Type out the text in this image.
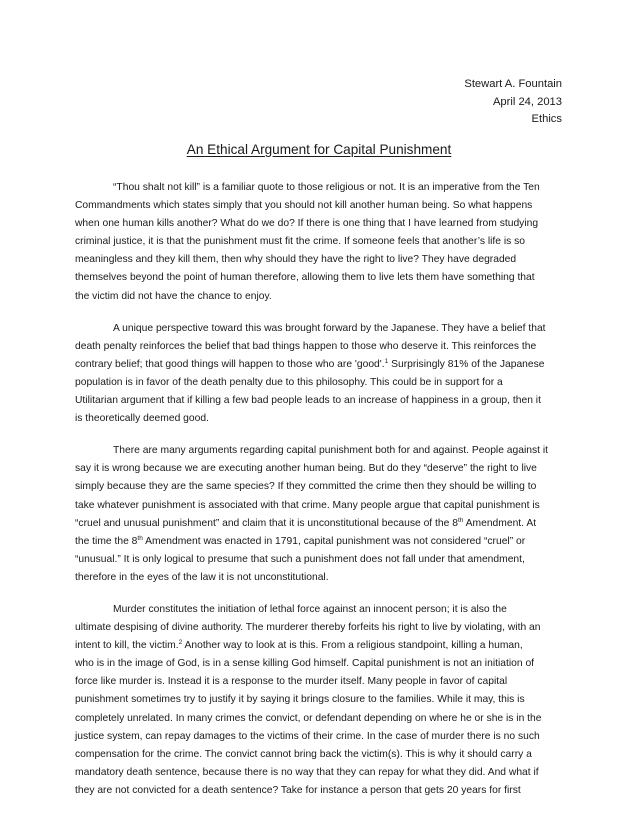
Stewart A. Fountain
April 24, 2013
Ethics
An Ethical Argument for Capital Punishment

“Thou shalt not kill” is a familiar quote to those religious or not. It is an imperative from the Ten
Commandments which states simply that you should not kill another human being. So what happens
when one human kills another? What do we do? If there is one thing that I have learned from studying
criminal justice, it is that the punishment must fit the crime. If someone feels that another’s life is so
meaningless and they kill them, then why should they have the right to live? They have degraded
themselves beyond the point of human therefore, allowing them to live lets them have something that
the victim did not have the chance to enjoy.

A unique perspective toward this was brought forward by the Japanese. They have a belief that
death penalty reinforces the belief that bad things happen to those who deserve it. This reinforces the
contrary belief; that good things will happen to those who are 'good'.$^1$ Surprisingly 81% of the Japanese
population is in favor of the death penalty due to this philosophy. This could be in support for a
Utilitarian argument that if killing a few bad people leads to an increase of happiness in a group, then it
is theoretically deemed good.

There are many arguments regarding capital punishment both for and against. People against it
say it is wrong because we are executing another human being. But do they “deserve” the right to live
simply because they are the same species? If they committed the crime then they should be willing to
take whatever punishment is associated with that crime. Many people argue that capital punishment is
“cruel and unusual punishment” and claim that it is unconstitutional because of the 8th Amendment. At
the time the 8th Amendment was enacted in 1791, capital punishment was not considered “cruel” or
“unusual.” It is only logical to presume that such a punishment does not fall under that amendment,
therefore in the eyes of the law it is not unconstitutional.

Murder constitutes the initiation of lethal force against an innocent person; it is also the
ultimate despising of divine authority. The murderer thereby forfeits his right to live by violating, with an
intent to kill, the victim.$^2$ Another way to look at is this. From a religious standpoint, killing a human,
who is in the image of God, is in a sense killing God himself. Capital punishment is not an initiation of
force like murder is. Instead it is a response to the murder itself. Many people in favor of capital
punishment sometimes try to justify it by saying it brings closure to the families. While it may, this is
completely unrelated. In many crimes the convict, or defendant depending on where he or she is in the
justice system, can repay damages to the victims of their crime. In the case of murder there is no such
compensation for the crime. The convict cannot bring back the victim(s). This is why it should carry a
mandatory death sentence, because there is no way that they can repay for what they did. And what if
they are not convicted for a death sentence? Take for instance a person that gets 20 years for first
